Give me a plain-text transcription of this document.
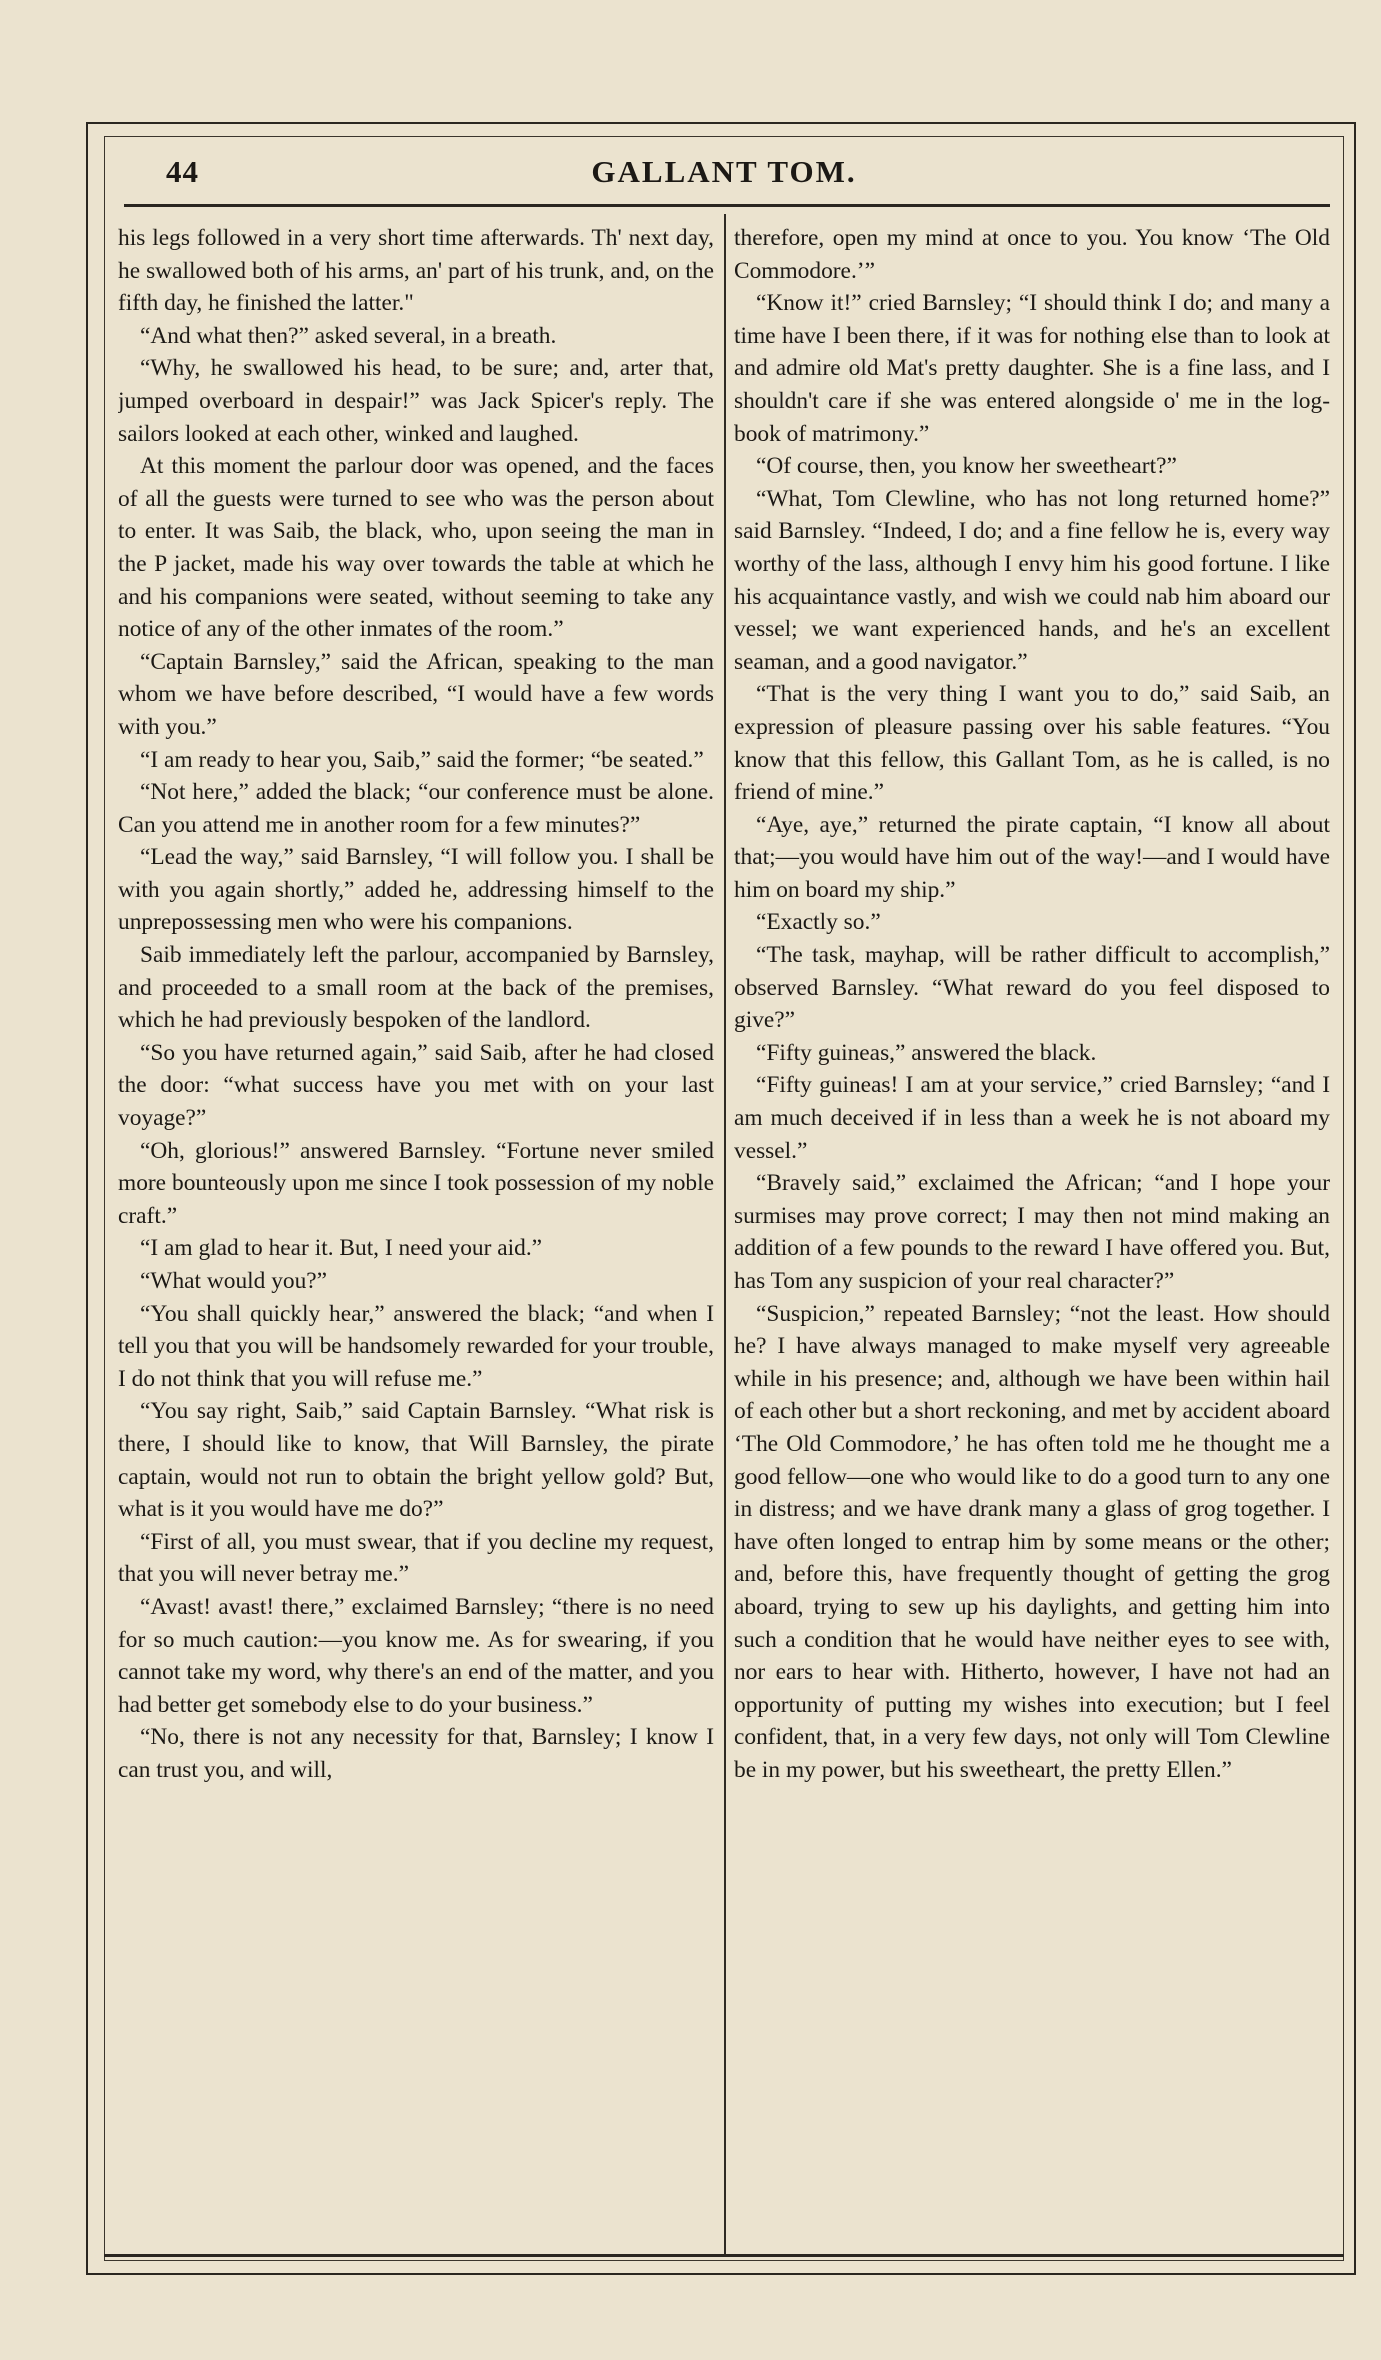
44	GALLANT TOM.

his legs followed in a very short time afterwards. Th' next day, he swallowed both of his arms, an' part of his trunk, and, on the fifth day, he finished the latter."

“And what then?” asked several, in a breath.

“Why, he swallowed his head, to be sure; and, arter that, jumped overboard in despair!” was Jack Spicer's reply. The sailors looked at each other, winked and laughed.

At this moment the parlour door was opened, and the faces of all the guests were turned to see who was the person about to enter. It was Saib, the black, who, upon seeing the man in the P jacket, made his way over towards the table at which he and his companions were seated, without seeming to take any notice of any of the other inmates of the room.”

“Captain Barnsley,” said the African, speaking to the man whom we have before described, “I would have a few words with you.”

“I am ready to hear you, Saib,” said the former; “be seated.”

“Not here,” added the black; “our conference must be alone. Can you attend me in another room for a few minutes?”

“Lead the way,” said Barnsley, “I will follow you. I shall be with you again shortly,” added he, addressing himself to the unprepossessing men who were his companions.

Saib immediately left the parlour, accompanied by Barnsley, and proceeded to a small room at the back of the premises, which he had previously bespoken of the landlord.

“So you have returned again,” said Saib, after he had closed the door: “what success have you met with on your last voyage?”

“Oh, glorious!” answered Barnsley. “Fortune never smiled more bounteously upon me since I took possession of my noble craft.”

“I am glad to hear it. But, I need your aid.”

“What would you?”

“You shall quickly hear,” answered the black; “and when I tell you that you will be handsomely rewarded for your trouble, I do not think that you will refuse me.”

“You say right, Saib,” said Captain Barnsley. “What risk is there, I should like to know, that Will Barnsley, the pirate captain, would not run to obtain the bright yellow gold? But, what is it you would have me do?”

“First of all, you must swear, that if you decline my request, that you will never betray me.”

“Avast! avast! there,” exclaimed Barnsley; “there is no need for so much caution:—you know me. As for swearing, if you cannot take my word, why there's an end of the matter, and you had better get somebody else to do your business.”

“No, there is not any necessity for that, Barnsley; I know I can trust you, and will,

therefore, open my mind at once to you. You know ‘The Old Commodore.’”

“Know it!” cried Barnsley; “I should think I do; and many a time have I been there, if it was for nothing else than to look at and admire old Mat's pretty daughter. She is a fine lass, and I shouldn't care if she was entered alongside o' me in the log-book of matrimony.”

“Of course, then, you know her sweetheart?”

“What, Tom Clewline, who has not long returned home?” said Barnsley. “Indeed, I do; and a fine fellow he is, every way worthy of the lass, although I envy him his good fortune. I like his acquaintance vastly, and wish we could nab him aboard our vessel; we want experienced hands, and he's an excellent seaman, and a good navigator.”

“That is the very thing I want you to do,” said Saib, an expression of pleasure passing over his sable features. “You know that this fellow, this Gallant Tom, as he is called, is no friend of mine.”

“Aye, aye,” returned the pirate captain, “I know all about that;—you would have him out of the way!—and I would have him on board my ship.”

“Exactly so.”

“The task, mayhap, will be rather difficult to accomplish,” observed Barnsley. “What reward do you feel disposed to give?”

“Fifty guineas,” answered the black.

“Fifty guineas! I am at your service,” cried Barnsley; “and I am much deceived if in less than a week he is not aboard my vessel.”

“Bravely said,” exclaimed the African; “and I hope your surmises may prove correct; I may then not mind making an addition of a few pounds to the reward I have offered you. But, has Tom any suspicion of your real character?”

“Suspicion,” repeated Barnsley; “not the least. How should he? I have always managed to make myself very agreeable while in his presence; and, although we have been within hail of each other but a short reckoning, and met by accident aboard ‘The Old Commodore,’ he has often told me he thought me a good fellow—one who would like to do a good turn to any one in distress; and we have drank many a glass of grog together. I have often longed to entrap him by some means or the other; and, before this, have frequently thought of getting the grog aboard, trying to sew up his daylights, and getting him into such a condition that he would have neither eyes to see with, nor ears to hear with. Hitherto, however, I have not had an opportunity of putting my wishes into execution; but I feel confident, that, in a very few days, not only will Tom Clewline be in my power, but his sweetheart, the pretty Ellen.”
